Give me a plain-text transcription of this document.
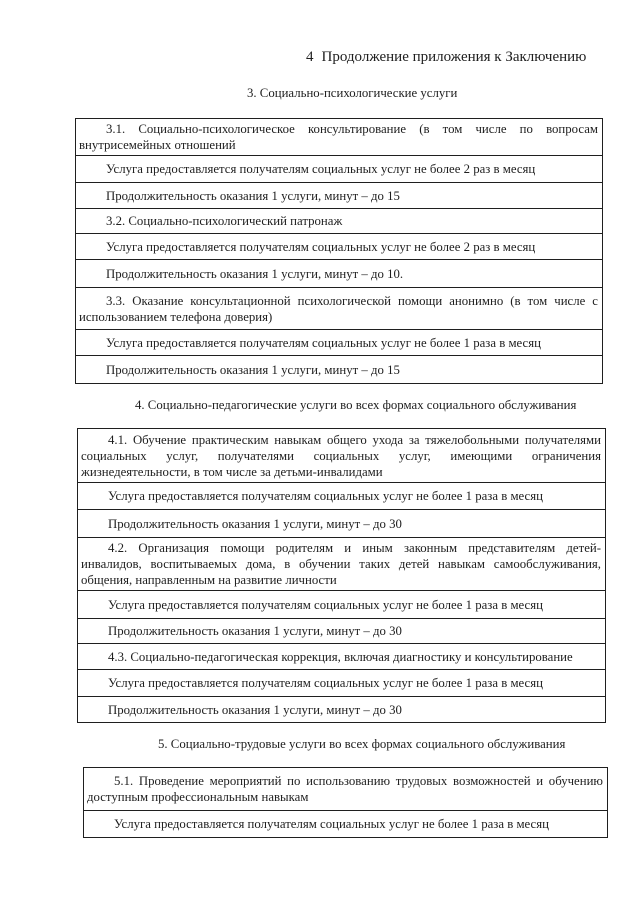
4 Продолжение приложения к Заключению
3. Социально-психологические услуги
3.1. Социально-психологическое консультирование (в том числе по вопросам
внутрисемейных отношений
Услуга предоставляется получателям социальных услуг не более 2 раз в месяц
Продолжительность оказания 1 услуги, минут – до 15
3.2. Социально-психологический патронаж
Услуга предоставляется получателям социальных услуг не более 2 раз в месяц
Продолжительность оказания 1 услуги, минут – до 10.
3.3. Оказание консультационной психологической помощи анонимно (в том числе с
использованием телефона доверия)
Услуга предоставляется получателям социальных услуг не более 1 раза в месяц
Продолжительность оказания 1 услуги, минут – до 15
4. Социально-педагогические услуги во всех формах социального обслуживания
4.1. Обучение практическим навыкам общего ухода за тяжелобольными получателями
социальных услуг, получателями социальных услуг, имеющими ограничения
жизнедеятельности, в том числе за детьми-инвалидами
Услуга предоставляется получателям социальных услуг не более 1 раза в месяц
Продолжительность оказания 1 услуги, минут – до 30
4.2. Организация помощи родителям и иным законным представителям детей-
инвалидов, воспитываемых дома, в обучении таких детей навыкам самообслуживания,
общения, направленным на развитие личности
Услуга предоставляется получателям социальных услуг не более 1 раза в месяц
Продолжительность оказания 1 услуги, минут – до 30
4.3. Социально-педагогическая коррекция, включая диагностику и консультирование
Услуга предоставляется получателям социальных услуг не более 1 раза в месяц
Продолжительность оказания 1 услуги, минут – до 30
5. Социально-трудовые услуги во всех формах социального обслуживания
5.1. Проведение мероприятий по использованию трудовых возможностей и обучению
доступным профессиональным навыкам
Услуга предоставляется получателям социальных услуг не более 1 раза в месяц
